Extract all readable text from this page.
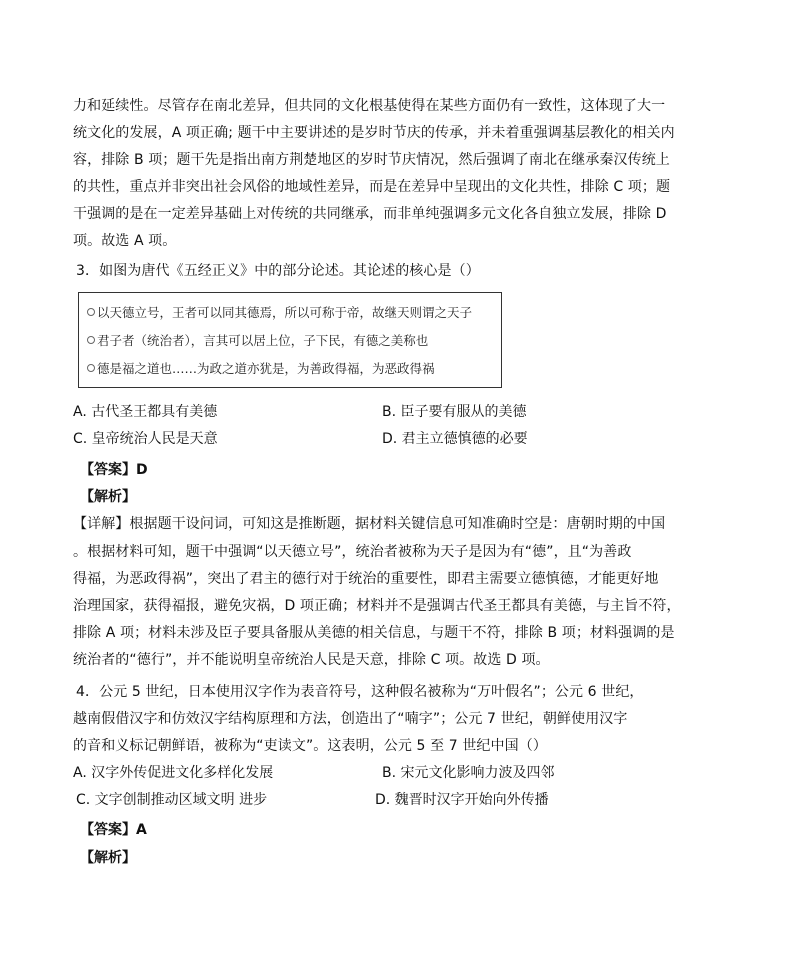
力和延续性。尽管存在南北差异，但共同的文化根基使得在某些方面仍有一致性，这体现了大一
统文化的发展，A 项正确; 题干中主要讲述的是岁时节庆的传承，并未着重强调基层教化的相关内
容，排除 B 项；题干先是指出南方荆楚地区的岁时节庆情况，然后强调了南北在继承秦汉传统上
的共性，重点并非突出社会风俗的地域性差异，而是在差异中呈现出的文化共性，排除 C 项；题
干强调的是在一定差异基础上对传统的共同继承，而非单纯强调多元文化各自独立发展，排除 D
项。故选 A 项。
3．如图为唐代《五经正义》中的部分论述。其论述的核心是（）
以天德立号，王者可以同其德焉，所以可称于帝，故继天则谓之天子
君子者（统治者），言其可以居上位，子下民，有德之美称也
德是福之道也……为政之道亦犹是，为善政得福，为恶政得祸
A. 古代圣王都具有美德	B. 臣子要有服从的美德
C. 皇帝统治人民是天意	D. 君主立德慎德的必要
【答案】D
【解析】
【详解】根据题干设问词，可知这是推断题，据材料关键信息可知准确时空是：唐朝时期的中国
。根据材料可知，题干中强调“以天德立号”，统治者被称为天子是因为有“德”，且“为善政
得福，为恶政得祸”，突出了君主的德行对于统治的重要性，即君主需要立德慎德，才能更好地
治理国家，获得福报，避免灾祸，D 项正确；材料并不是强调古代圣王都具有美德，与主旨不符，
排除 A 项；材料未涉及臣子要具备服从美德的相关信息，与题干不符，排除 B 项；材料强调的是
统治者的“德行”，并不能说明皇帝统治人民是天意，排除 C 项。故选 D 项。
4．公元 5 世纪，日本使用汉字作为表音符号，这种假名被称为“万叶假名”；公元 6 世纪，
越南假借汉字和仿效汉字结构原理和方法，创造出了“喃字”；公元 7 世纪，朝鲜使用汉字
的音和义标记朝鲜语，被称为“吏读文”。这表明，公元 5 至 7 世纪中国（）
A. 汉字外传促进文化多样化发展	B. 宋元文化影响力波及四邻
C. 文字创制推动区域文明 进步	D. 魏晋时汉字开始向外传播
【答案】A
【解析】
